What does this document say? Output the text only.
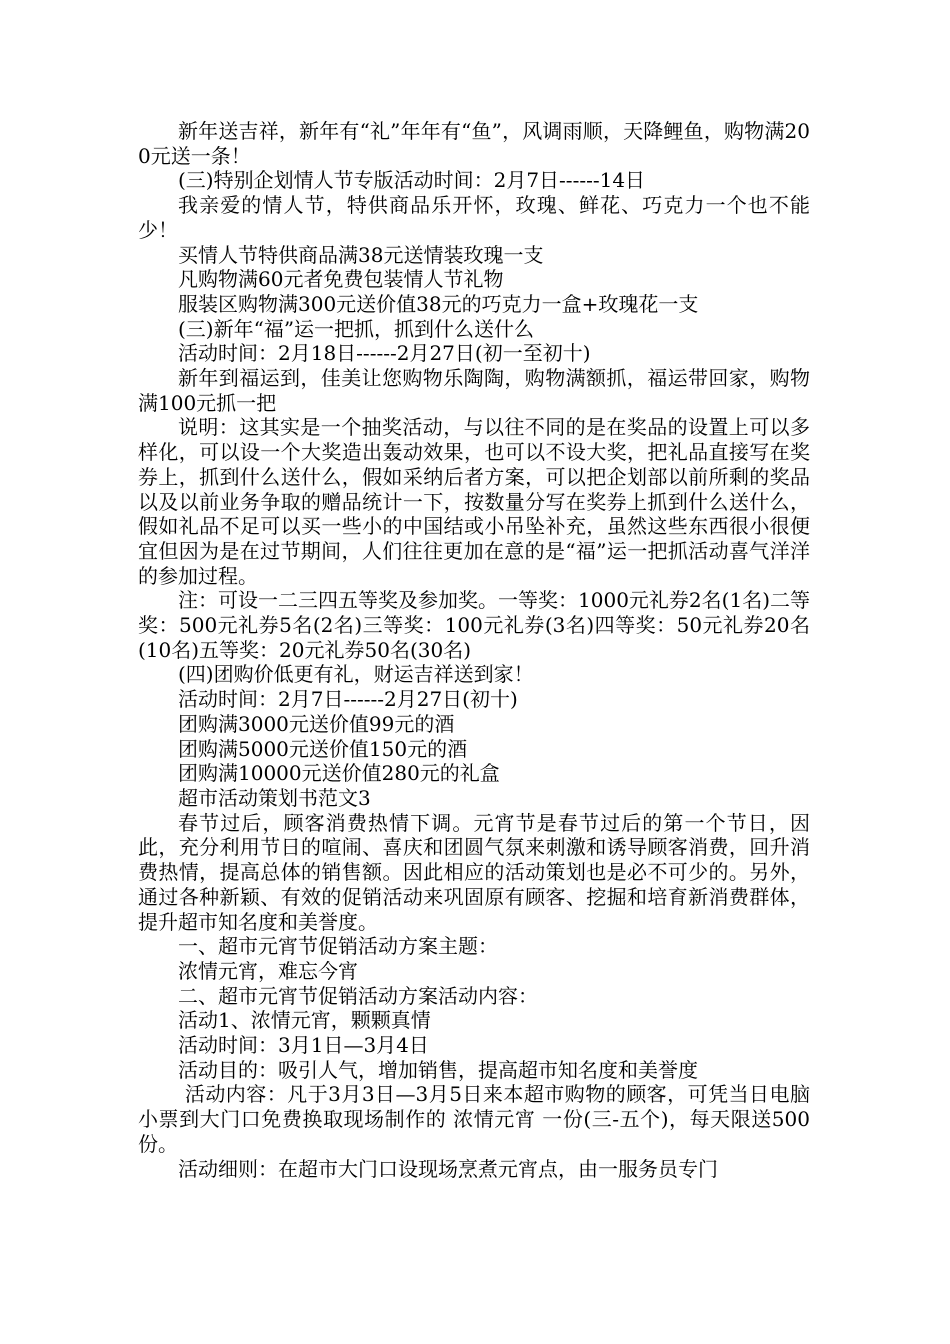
新年送吉祥，新年有“礼”年年有“鱼”，风调雨顺，天降鲤鱼，购物满200元送一条！

(三)特别企划情人节专版活动时间：2月7日------14日

我亲爱的情人节，特供商品乐开怀，玫瑰、鲜花、巧克力一个也不能少！

买情人节特供商品满38元送情装玫瑰一支

凡购物满60元者免费包装情人节礼物

服装区购物满300元送价值38元的巧克力一盒+玫瑰花一支

(三)新年“福”运一把抓，抓到什么送什么

活动时间：2月18日------2月27日(初一至初十)

新年到福运到，佳美让您购物乐陶陶，购物满额抓，福运带回家，购物满100元抓一把

说明：这其实是一个抽奖活动，与以往不同的是在奖品的设置上可以多样化，可以设一个大奖造出轰动效果，也可以不设大奖，把礼品直接写在奖券上，抓到什么送什么，假如采纳后者方案，可以把企划部以前所剩的奖品以及以前业务争取的赠品统计一下，按数量分写在奖券上抓到什么送什么，假如礼品不足可以买一些小的中国结或小吊坠补充，虽然这些东西很小很便宜但因为是在过节期间，人们往往更加在意的是“福”运一把抓活动喜气洋洋的参加过程。

注：可设一二三四五等奖及参加奖。一等奖：1000元礼券2名(1名)二等奖：500元礼券5名(2名)三等奖：100元礼券(3名)四等奖：50元礼券20名(10名)五等奖：20元礼券50名(30名)

(四)团购价低更有礼，财运吉祥送到家！

活动时间：2月7日------2月27日(初十)

团购满3000元送价值99元的酒

团购满5000元送价值150元的酒

团购满10000元送价值280元的礼盒

超市活动策划书范文3

春节过后，顾客消费热情下调。元宵节是春节过后的第一个节日，因此，充分利用节日的喧闹、喜庆和团圆气氛来刺激和诱导顾客消费，回升消费热情，提高总体的销售额。因此相应的活动策划也是必不可少的。另外，通过各种新颖、有效的促销活动来巩固原有顾客、挖掘和培育新消费群体，提升超市知名度和美誉度。

一、超市元宵节促销活动方案主题：

浓情元宵，难忘今宵

二、超市元宵节促销活动方案活动内容：

活动1、浓情元宵，颗颗真情

活动时间：3月1日—3月4日

活动目的：吸引人气，增加销售，提高超市知名度和美誉度

活动内容：凡于3月3日—3月5日来本超市购物的顾客，可凭当日电脑小票到大门口免费换取现场制作的 浓情元宵 一份(三-五个)，每天限送500份。

活动细则：在超市大门口设现场烹煮元宵点，由一服务员专门
